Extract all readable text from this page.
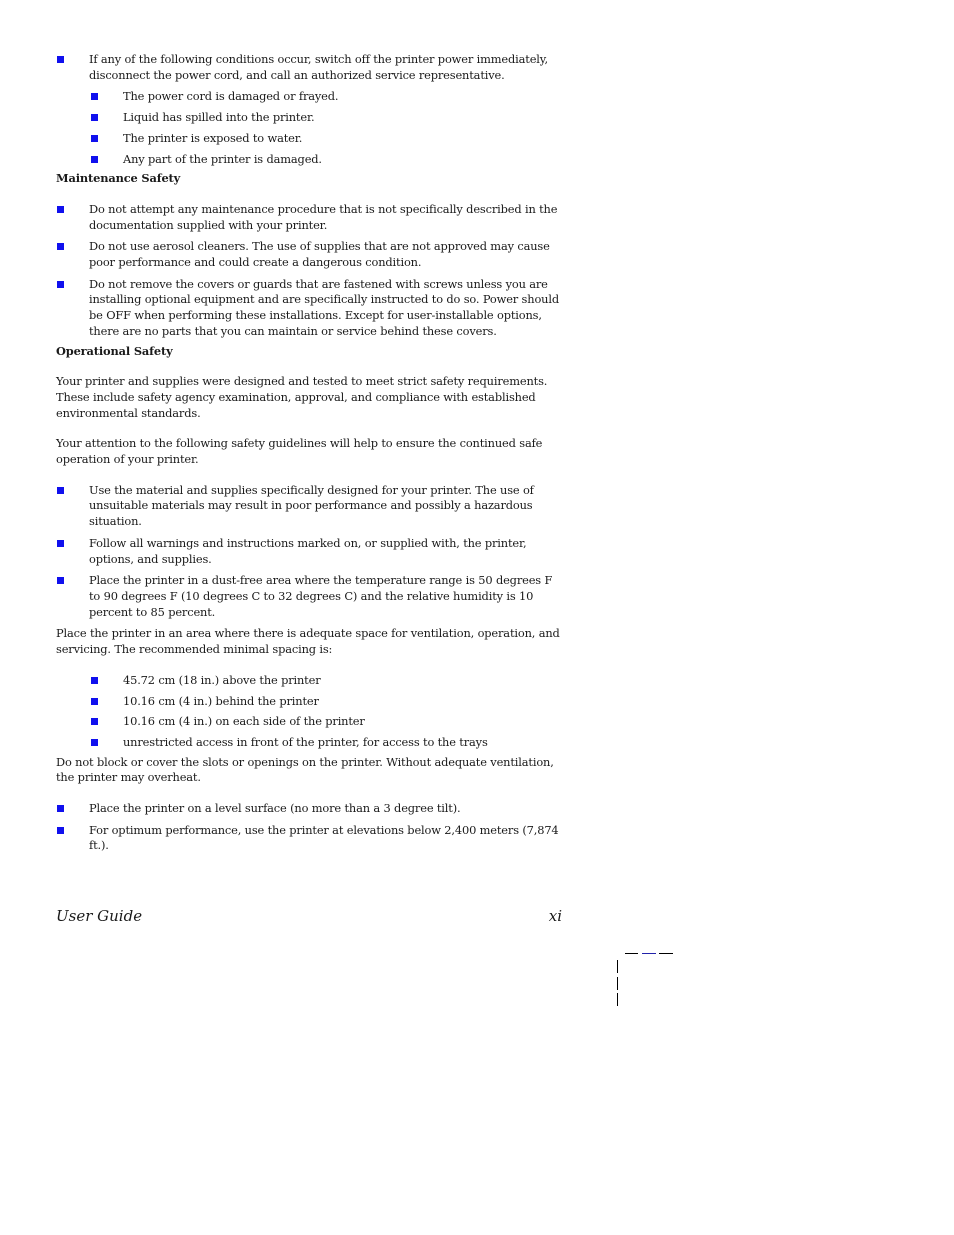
If any of the following conditions occur, switch off the printer power immediately, disconnect the power cord, and call an authorized service representative.
The power cord is damaged or frayed.
Liquid has spilled into the printer.
The printer is exposed to water.
Any part of the printer is damaged.
Maintenance Safety
Do not attempt any maintenance procedure that is not specifically described in the documentation supplied with your printer.
Do not use aerosol cleaners. The use of supplies that are not approved may cause poor performance and could create a dangerous condition.
Do not remove the covers or guards that are fastened with screws unless you are installing optional equipment and are specifically instructed to do so. Power should be OFF when performing these installations. Except for user-installable options, there are no parts that you can maintain or service behind these covers.
Operational Safety
Your printer and supplies were designed and tested to meet strict safety requirements. These include safety agency examination, approval, and compliance with established environmental standards.
Your attention to the following safety guidelines will help to ensure the continued safe operation of your printer.
Use the material and supplies specifically designed for your printer. The use of unsuitable materials may result in poor performance and possibly a hazardous situation.
Follow all warnings and instructions marked on, or supplied with, the printer, options, and supplies.
Place the printer in a dust-free area where the temperature range is 50 degrees F to 90 degrees F (10 degrees C to 32 degrees C) and the relative humidity is 10 percent to 85 percent.
Place the printer in an area where there is adequate space for ventilation, operation, and servicing. The recommended minimal spacing is:
45.72 cm (18 in.) above the printer
10.16 cm (4 in.) behind the printer
10.16 cm (4 in.) on each side of the printer
unrestricted access in front of the printer, for access to the trays
Do not block or cover the slots or openings on the printer. Without adequate ventilation, the printer may overheat.
Place the printer on a level surface (no more than a 3 degree tilt).
For optimum performance, use the printer at elevations below 2,400 meters (7,874 ft.).
User Guide	xi
